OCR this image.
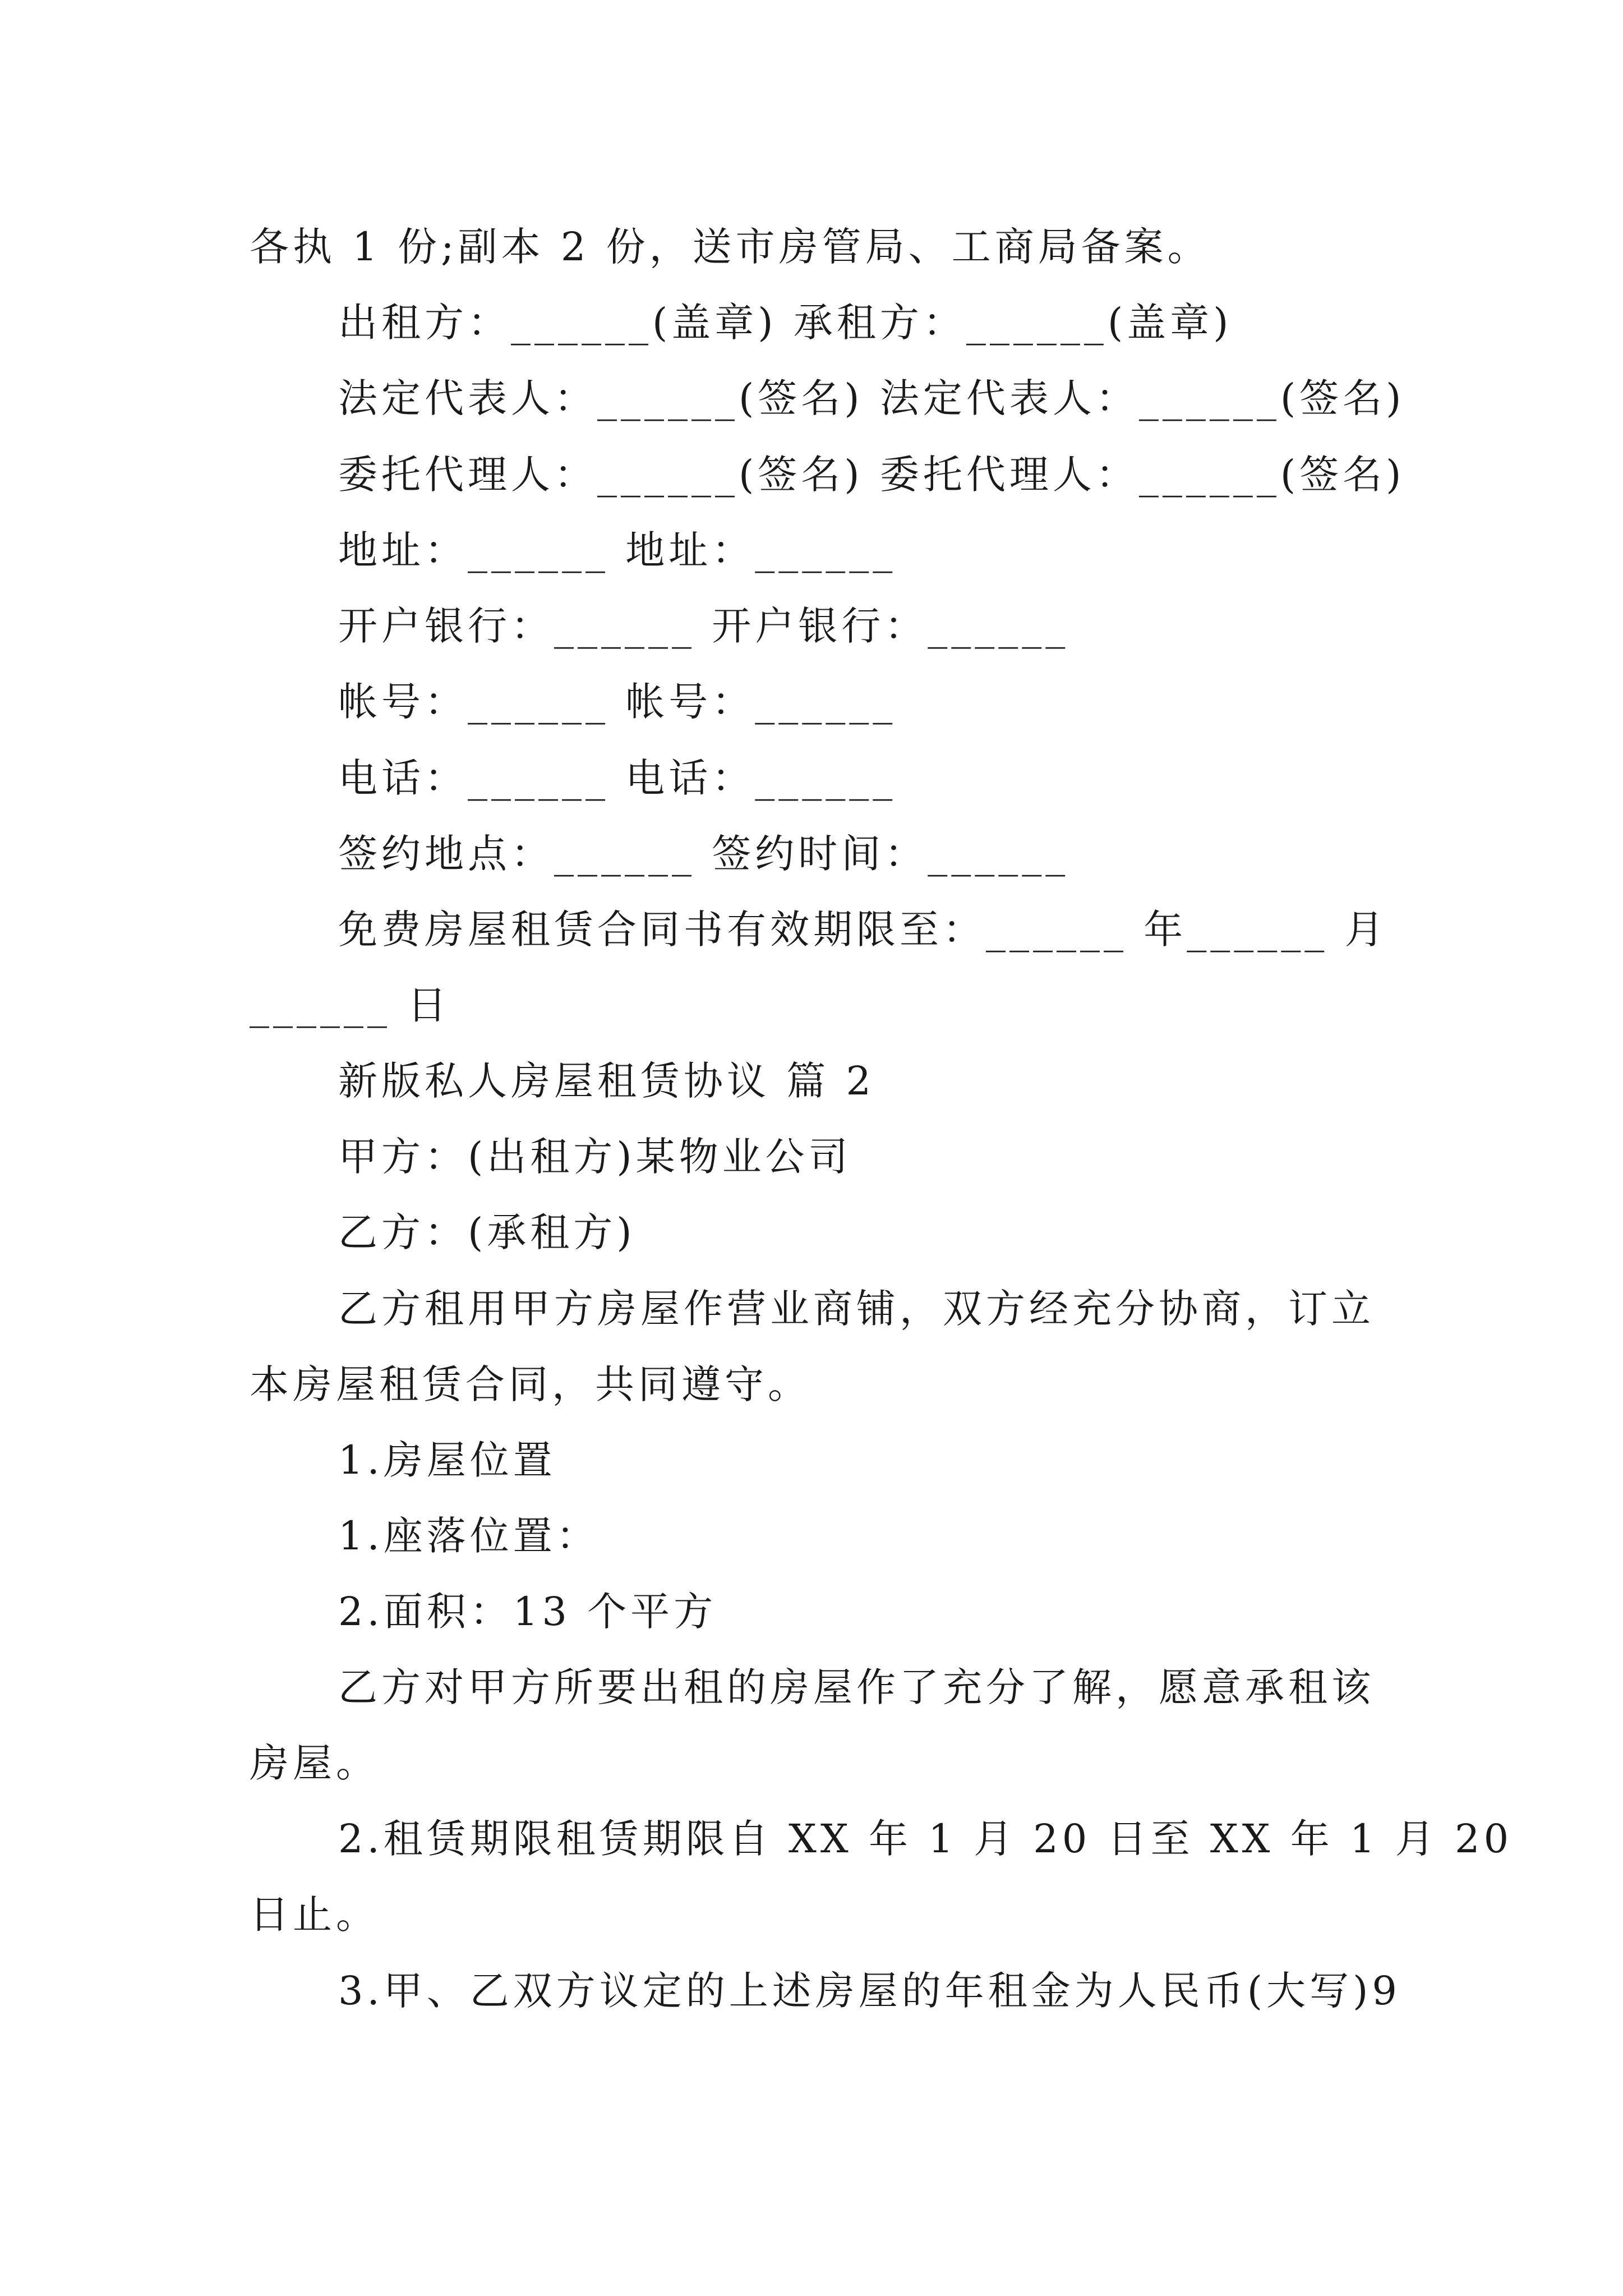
各执 1 份;副本 2 份，送市房管局、工商局备案。
出租方：______(盖章) 承租方：______(盖章)
法定代表人：______(签名) 法定代表人：______(签名)
委托代理人：______(签名) 委托代理人：______(签名)
地址：______ 地址：______
开户银行：______ 开户银行：______
帐号：______ 帐号：______
电话：______ 电话：______
签约地点：______ 签约时间：______
免费房屋租赁合同书有效期限至：______ 年______ 月
______ 日
新版私人房屋租赁协议 篇 2
甲方：(出租方)某物业公司
乙方：(承租方)
乙方租用甲方房屋作营业商铺，双方经充分协商，订立
本房屋租赁合同，共同遵守。
1.房屋位置
1.座落位置：
2.面积：13 个平方
乙方对甲方所要出租的房屋作了充分了解，愿意承租该
房屋。
2.租赁期限租赁期限自 XX 年 1 月 20 日至 XX 年 1 月 20
日止。
3.甲、乙双方议定的上述房屋的年租金为人民币(大写)9
